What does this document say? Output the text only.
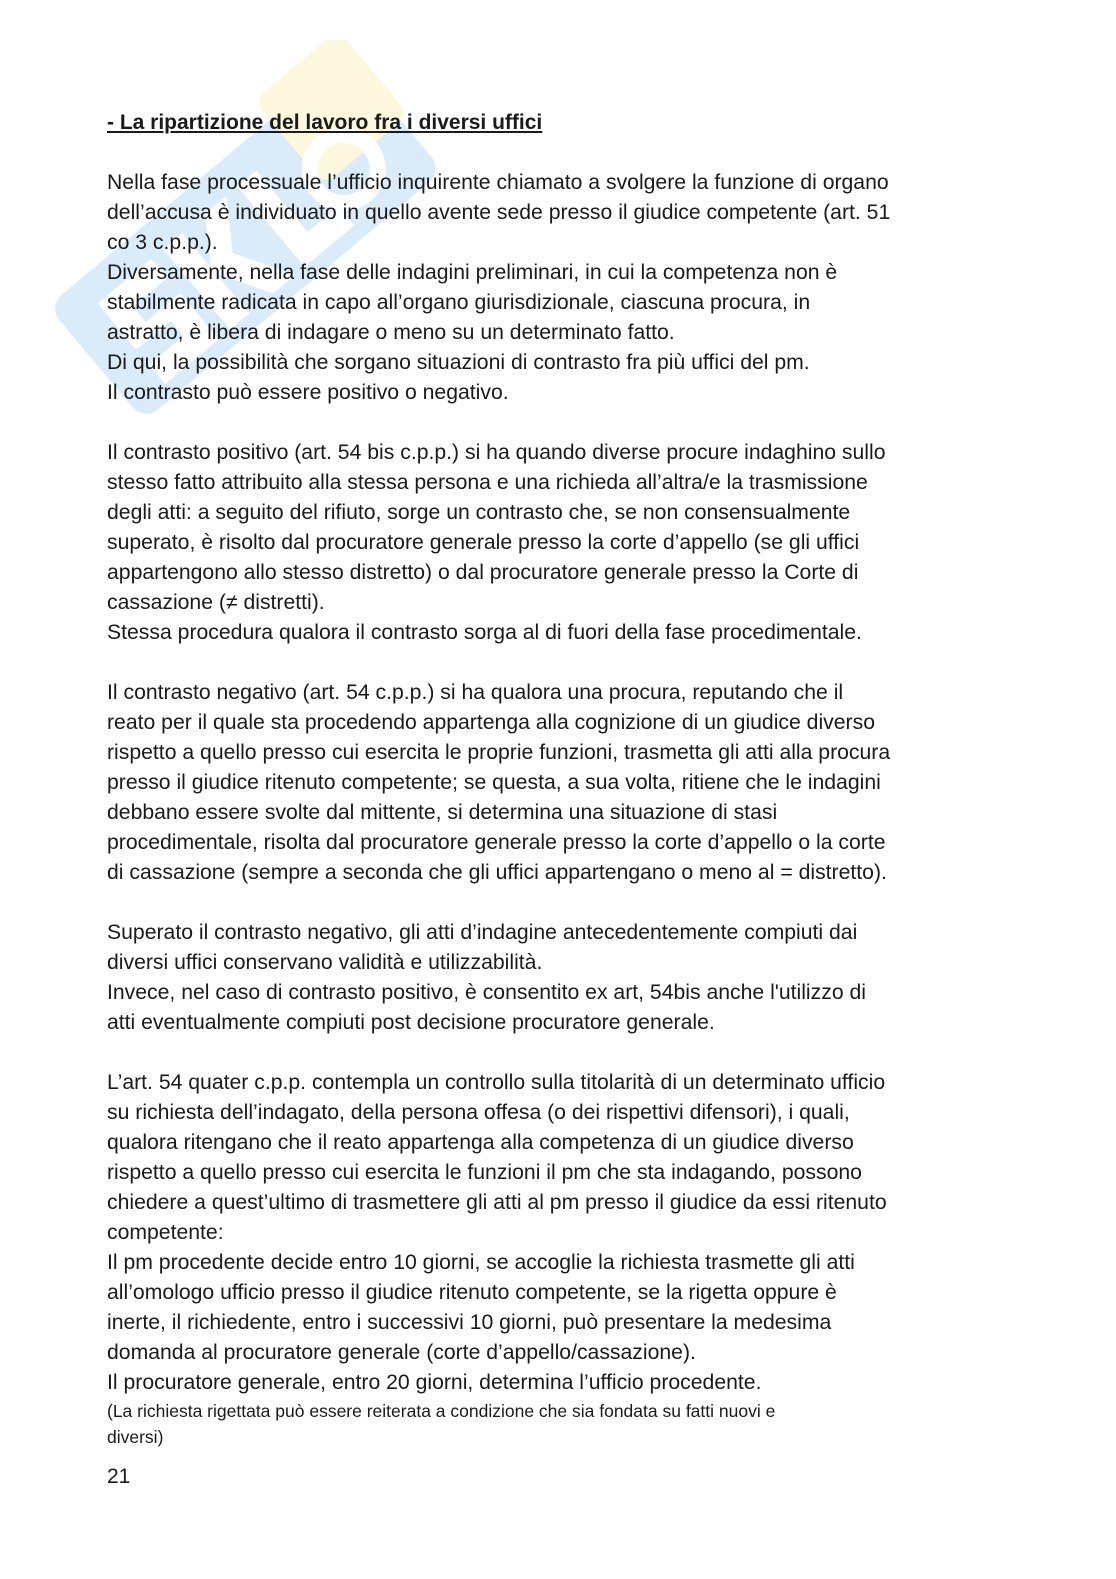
- La ripartizione del lavoro fra i diversi uffici

Nella fase processuale l’ufficio inquirente chiamato a svolgere la funzione di organo
dell’accusa è individuato in quello avente sede presso il giudice competente (art. 51
co 3 c.p.p.).
Diversamente, nella fase delle indagini preliminari, in cui la competenza non è
stabilmente radicata in capo all’organo giurisdizionale, ciascuna procura, in
astratto, è libera di indagare o meno su un determinato fatto.
Di qui, la possibilità che sorgano situazioni di contrasto fra più uffici del pm.
Il contrasto può essere positivo o negativo.

Il contrasto positivo (art. 54 bis c.p.p.) si ha quando diverse procure indaghino sullo
stesso fatto attribuito alla stessa persona e una richieda all’altra/e la trasmissione
degli atti: a seguito del rifiuto, sorge un contrasto che, se non consensualmente
superato, è risolto dal procuratore generale presso la corte d’appello (se gli uffici
appartengono allo stesso distretto) o dal procuratore generale presso la Corte di
cassazione (≠ distretti).
Stessa procedura qualora il contrasto sorga al di fuori della fase procedimentale.

Il contrasto negativo (art. 54 c.p.p.) si ha qualora una procura, reputando che il
reato per il quale sta procedendo appartenga alla cognizione di un giudice diverso
rispetto a quello presso cui esercita le proprie funzioni, trasmetta gli atti alla procura
presso il giudice ritenuto competente; se questa, a sua volta, ritiene che le indagini
debbano essere svolte dal mittente, si determina una situazione di stasi
procedimentale, risolta dal procuratore generale presso la corte d’appello o la corte
di cassazione (sempre a seconda che gli uffici appartengano o meno al = distretto).

Superato il contrasto negativo, gli atti d’indagine antecedentemente compiuti dai
diversi uffici conservano validità e utilizzabilità.
Invece, nel caso di contrasto positivo, è consentito ex art, 54bis anche l'utilizzo di
atti eventualmente compiuti post decisione procuratore generale.

L’art. 54 quater c.p.p. contempla un controllo sulla titolarità di un determinato ufficio
su richiesta dell’indagato, della persona offesa (o dei rispettivi difensori), i quali,
qualora ritengano che il reato appartenga alla competenza di un giudice diverso
rispetto a quello presso cui esercita le funzioni il pm che sta indagando, possono
chiedere a quest’ultimo di trasmettere gli atti al pm presso il giudice da essi ritenuto
competente:
Il pm procedente decide entro 10 giorni, se accoglie la richiesta trasmette gli atti
all’omologo ufficio presso il giudice ritenuto competente, se la rigetta oppure è
inerte, il richiedente, entro i successivi 10 giorni, può presentare la medesima
domanda al procuratore generale (corte d’appello/cassazione).
Il procuratore generale, entro 20 giorni, determina l’ufficio procedente.
(La richiesta rigettata può essere reiterata a condizione che sia fondata su fatti nuovi e
diversi)

21
